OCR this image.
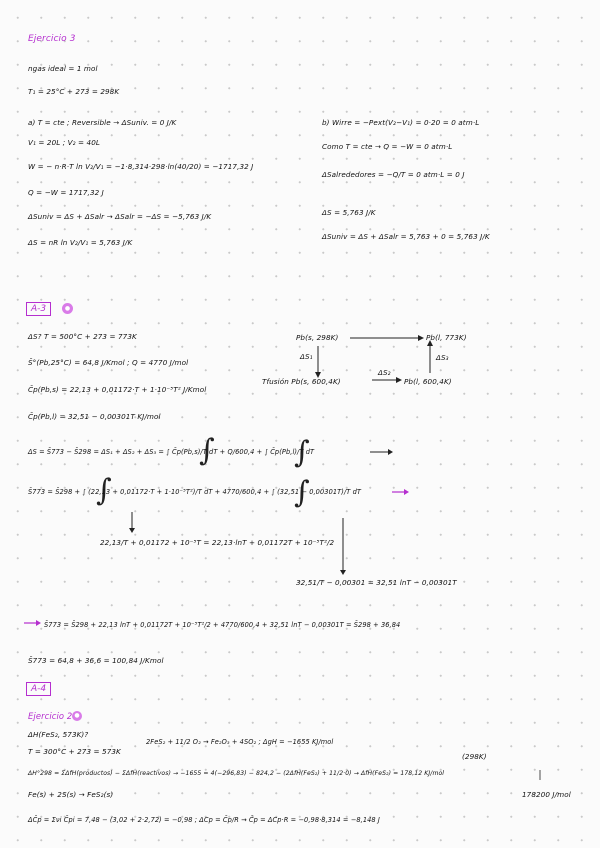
∫	∫
∫	∫
Ejercicio 3
ngas ideal = 1 mol
T₁ = 25°C + 273 = 298K
a) T = cte ; Reversible → ΔSuniv. = 0 J/K
V₁ = 20L ; V₂ = 40L
W = − n·R·T ln V₂/V₁ = −1·8,314·298·ln(40/20) = −1717,32 J
Q = −W = 1717,32 J
ΔSuniv = ΔS + ΔSalr → ΔSalr = −ΔS = −5,763 J/K
ΔS = nR ln V₂/V₁ = 5,763 J/K
b) Wirre = −Pext(V₂−V₁) = 0·20 = 0 atm·L
Como T = cte → Q = −W = 0 atm·L
ΔSalrededores = −Q/T = 0 atm·L = 0 J
ΔS = 5,763 J/K
ΔSuniv = ΔS + ΔSalr = 5,763 + 0 = 5,763 J/K
A-3	●
ΔS? T = 500°C + 273 = 773K
S̄°(Pb,25°C) = 64,8 J/Kmol ; Q = 4770 J/mol
C̄p(Pb,s) = 22,13 + 0,01172·T + 1·10⁻⁵T² J/Kmol
C̄p(Pb,l) = 32,51 − 0,00301T KJ/mol
Pb(s, 298K)	Pb(l, 773K)
ΔS₁	ΔS₃
Tfusión Pb(s, 600,4K)
ΔS₂
Pb(l, 600,4K)
ΔS = S̄773 − S̄298 = ΔS₁ + ΔS₂ + ΔS₃ = ∫ C̄p(Pb,s)/T dT + Q/600,4 + ∫ C̄p(Pb,l)/T dT
S̄773 = S̄298 + ∫ (22,13 + 0,01172·T + 1·10⁻⁵T²)/T dT + 4770/600,4 + ∫ (32,51 − 0,00301T)/T dT
22,13/T + 0,01172 + 10⁻⁵T = 22,13·lnT + 0,01172T + 10⁻⁵T²/2
32,51/T − 0,00301 = 32,51 lnT − 0,00301T
S̄773 = S̄298 + 22,13 lnT + 0,01172T + 10⁻⁵T²/2 + 4770/600,4 + 32,51 lnT − 0,00301T = S̄298 + 36,84
S̄773 = 64,8 + 36,6 = 100,84 J/Kmol
A-4
Ejercicio 2 ●
ΔH(FeS₂, 573K)?
T = 300°C + 273 = 573K
2FeS₂ + 11/2 O₂ → Fe₂O₃ + 4SO₂ ; ΔgH = −1655 KJ/mol
ΔH°298 = ΣΔfH(productos) − ΣΔfH(reactivos) → −1655 = 4(−296,83) − 824,2 − (2ΔfH(FeS₂) + 11/2·0) → ΔfH(FeS₂) = 178,12 KJ/mol
(298K)
178200 J/mol
Fe(s) + 2S(s) → FeS₂(s)
ΔC̄p = Σνi C̄pi = 7,48 − (3,02 + 2·2,72) = −0,98 ; ΔCp = C̄p/R → C̄p = ΔCp·R = −0,98·8,314 = −8,148 J
